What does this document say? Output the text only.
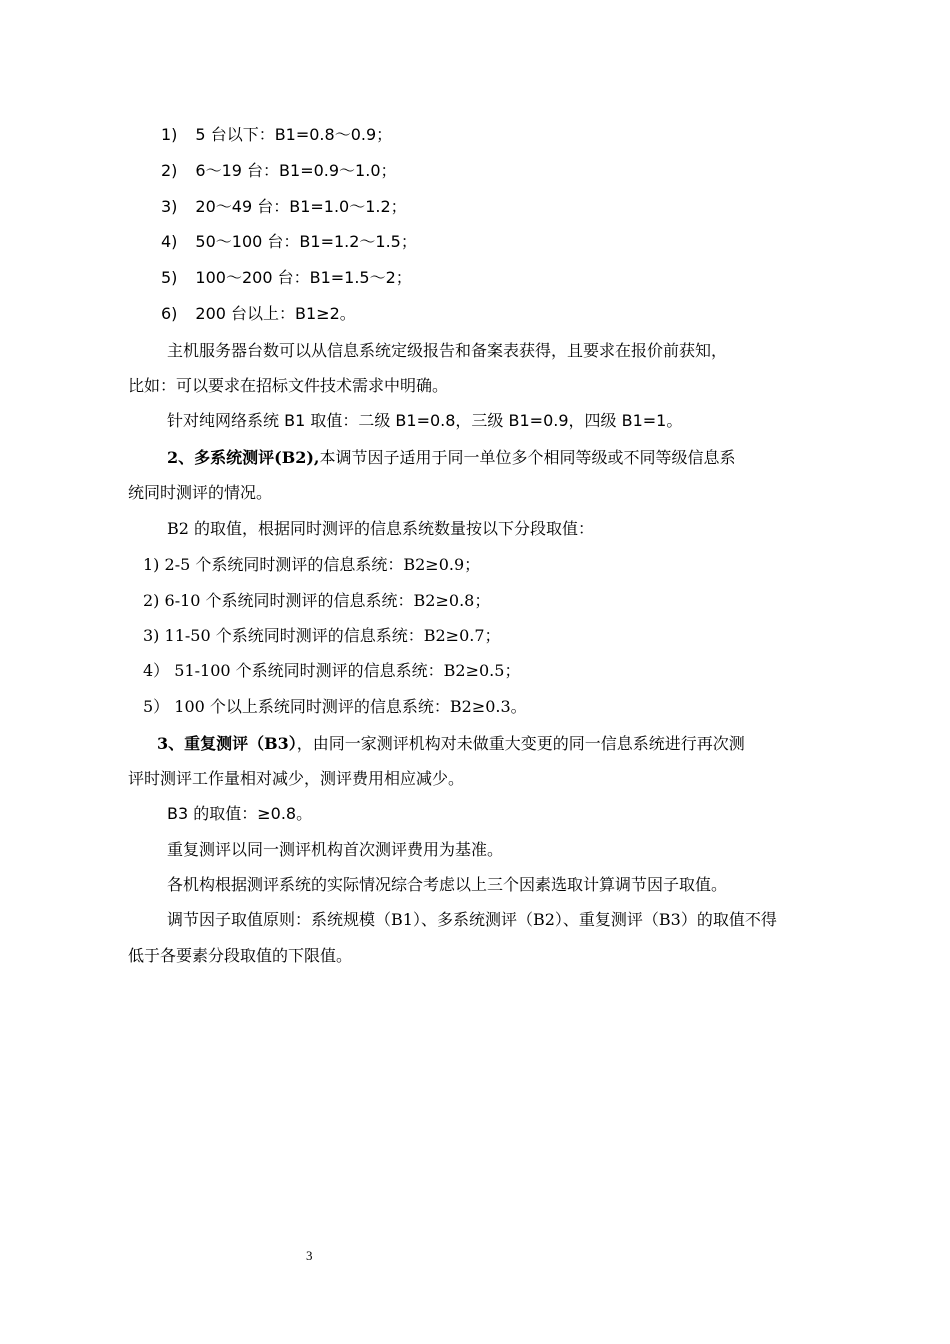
1) 5 台以下：B1=0.8～0.9；
2) 6～19 台：B1=0.9～1.0；
3) 20～49 台：B1=1.0～1.2；
4) 50～100 台：B1=1.2～1.5；
5) 100～200 台：B1=1.5～2；
6) 200 台以上：B1≥2。
主机服务器台数可以从信息系统定级报告和备案表获得，且要求在报价前获知，
比如：可以要求在招标文件技术需求中明确。
针对纯网络系统 B1 取值：二级 B1=0.8，三级 B1=0.9，四级 B1=1。
2、多系统测评(B2),本调节因子适用于同一单位多个相同等级或不同等级信息系
统同时测评的情况。
B2 的取值，根据同时测评的信息系统数量按以下分段取值：
1) 2-5 个系统同时测评的信息系统：B2≥0.9；
2) 6-10 个系统同时测评的信息系统：B2≥0.8；
3) 11-50 个系统同时测评的信息系统：B2≥0.7；
4） 51-100 个系统同时测评的信息系统：B2≥0.5；
5） 100 个以上系统同时测评的信息系统：B2≥0.3。
3、重复测评（B3），由同一家测评机构对未做重大变更的同一信息系统进行再次测
评时测评工作量相对减少，测评费用相应减少。
B3 的取值：≥0.8。
重复测评以同一测评机构首次测评费用为基准。
各机构根据测评系统的实际情况综合考虑以上三个因素选取计算调节因子取值。
调节因子取值原则：系统规模（B1）、多系统测评（B2）、重复测评（B3）的取值不得
低于各要素分段取值的下限值。
3
